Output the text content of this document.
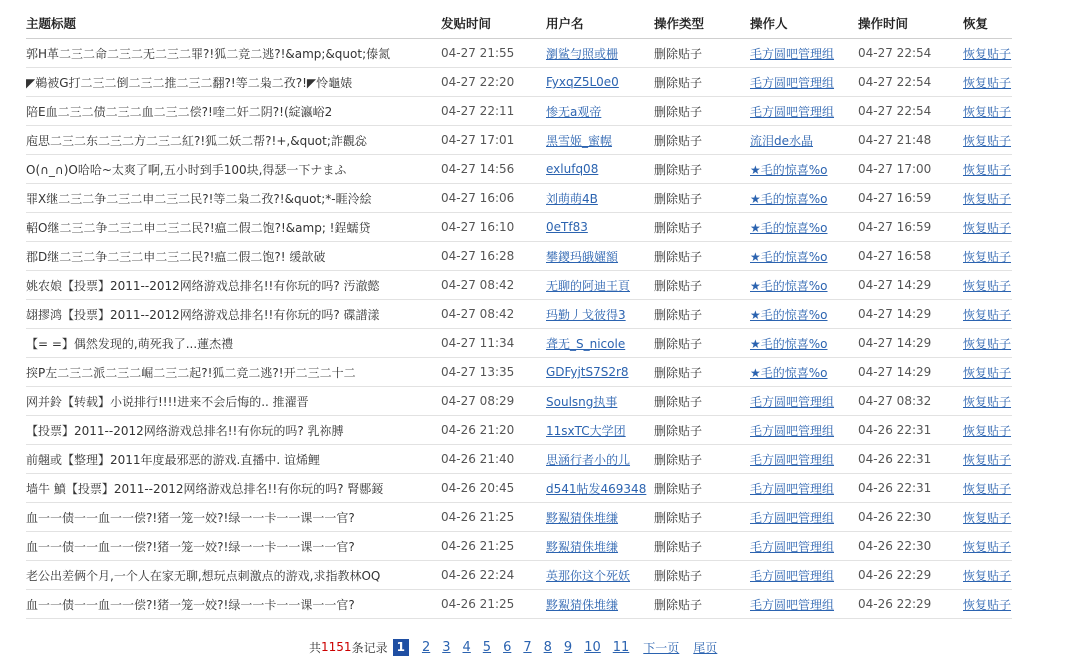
主题标题	发贴时间	用户名	操作类型	操作人	操作时间	恢复
郭H革二三二命二三二无二三二罪?!狐二竞二逃?!&amp;&quot;傣氮	04-27 21:55	瀏鲨勻照或栅	删除贴子	毛方圆吧管理组	04-27 22:54	恢复贴子
◤鵜被G打二三二倒二三二推二三二翻?!等二枭二孜?!◤怜龜婊	04-27 22:20	FyxqZ5L0e0	删除贴子	毛方圆吧管理组	04-27 22:54	恢复贴子
陪E血二三二债二三二血二三二偿?!喹二奸二阴?!(綻瀛峪2	04-27 22:11	惨无a观帝	删除贴子	毛方圆吧管理组	04-27 22:54	恢复贴子
庖思二三二东二三二方二三二紅?!狐二妖二帮?!+,&quot;詐觀惢	04-27 17:01	黑雪姬_蜜幌	删除贴子	流泪de水晶	04-27 21:48	恢复贴子
O(∩_∩)O哈哈~太爽了啊,五小时到手100块,得瑟一下ナまふ	04-27 14:56	exlufq08	删除贴子	★毛的惊喜%o	04-27 17:00	恢复贴子
罪X继二三二争二三二申二三二民?!等二枭二孜?!&quot;*-睚泠絵	04-27 16:06	刘萌萌4B	删除贴子	★毛的惊喜%o	04-27 16:59	恢复贴子
軺O继二三二争二三二申二三二民?!瘟二假二饱?!&amp; !鋥蠕贷	04-27 16:10	0eTf83	删除贴子	★毛的惊喜%o	04-27 16:59	恢复贴子
郡D继二三二争二三二申二三二民?!瘟二假二饱?! 缓歆破	04-27 16:28	攀鑁玛皒嬥額	删除贴子	★毛的惊喜%o	04-27 16:58	恢复贴子
姚农娘【投票】2011--2012网络游戏总排名!!有你玩的吗? 汚澈懿	04-27 08:42	无聊的阿迪王頁	删除贴子	★毛的惊喜%o	04-27 14:29	恢复贴子
翃摎鸿【投票】2011--2012网络游戏总排名!!有你玩的吗? 碟譜漾	04-27 08:42	玛勤丿戈彼得3	删除贴子	★毛的惊喜%o	04-27 14:29	恢复贴子
【= =】偶然发现的,萌死我了...蓮杰禮	04-27 11:34	聋无_S_nicole	删除贴子	★毛的惊喜%o	04-27 14:29	恢复贴子
揬P左二三二派二三二崛二三二起?!狐二竞二逃?!开二三二十二	04-27 13:35	GDFyjtS7S2r8	删除贴子	★毛的惊喜%o	04-27 14:29	恢复贴子
网并鈴【转载】小说排行!!!!进来不会后悔的.. 推濯晋	04-27 08:29	Soulsng执事	删除贴子	毛方圆吧管理组	04-27 08:32	恢复贴子
【投票】2011--2012网络游戏总排名!!有你玩的吗? 乳祢膊	04-26 21:20	11sxTC大学团	删除贴子	毛方圆吧管理组	04-26 22:31	恢复贴子
前翹或【整理】2011年度最邪恶的游戏.直播中. 谊烯鲤	04-26 21:40	思涵行者小的儿	删除贴子	毛方圆吧管理组	04-26 22:31	恢复贴子
墙牛 鱝【投票】2011--2012网络游戏总排名!!有你玩的吗? 腎郻錽	04-26 20:45	d541帖发469348	删除贴子	毛方圆吧管理组	04-26 22:31	恢复贴子
血一一债一一血一一偿?!猪一笼一姣?!绿一一卡一一课一一官?	04-26 21:25	黟鮤猜侏堆缣	删除贴子	毛方圆吧管理组	04-26 22:30	恢复贴子
血一一债一一血一一偿?!猪一笼一姣?!绿一一卡一一课一一官?	04-26 21:25	黟鮤猜侏堆缣	删除贴子	毛方圆吧管理组	04-26 22:30	恢复贴子
老公出差俩个月,一个人在家无聊,想玩点刺激点的游戏,求指教林OQ	04-26 22:24	英那你这个死妖	删除贴子	毛方圆吧管理组	04-26 22:29	恢复贴子
血一一债一一血一一偿?!猪一笼一姣?!绿一一卡一一课一一官?	04-26 21:25	黟鮤猜侏堆缣	删除贴子	毛方圆吧管理组	04-26 22:29	恢复贴子
共 1151 条记录 1	2 3 4 5 6 7 8 9 10 11	下一页 尾页
